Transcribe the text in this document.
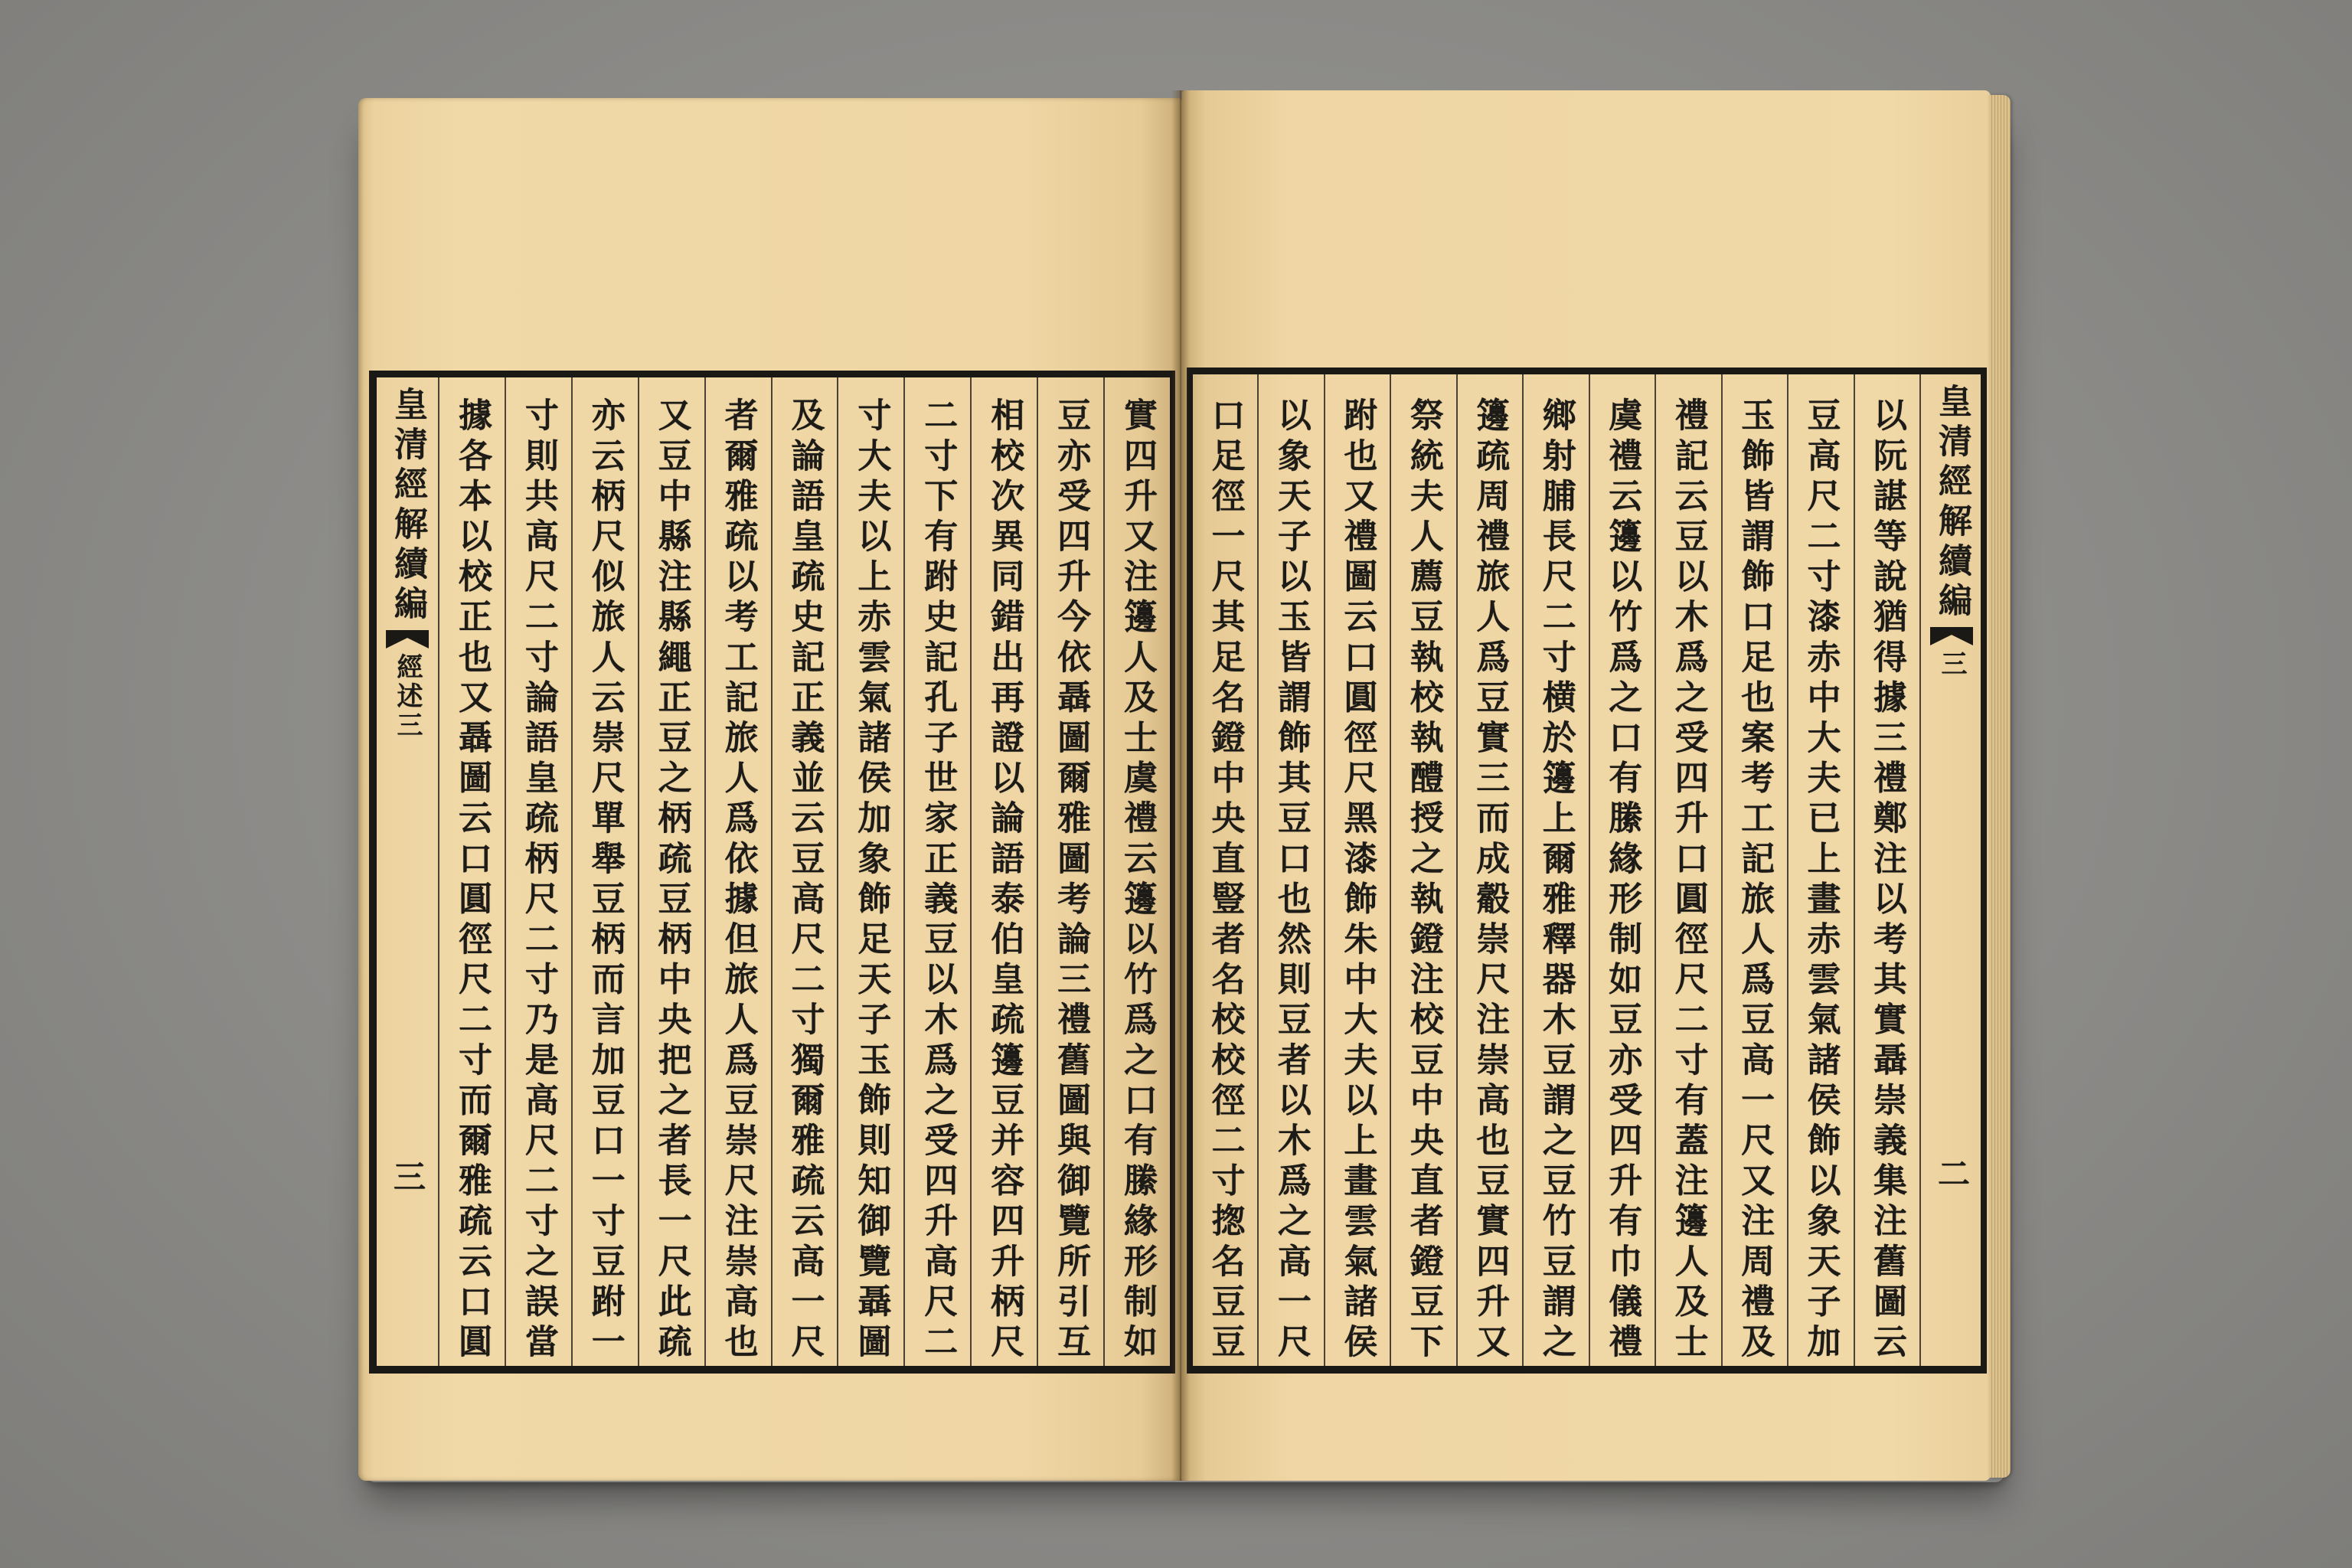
實四升又注籩人及士虞禮云籩以竹爲之口有縢緣形制如
豆亦受四升今依聶圖爾雅圖考論三禮舊圖與御覽所引互
相校次異同錯出再證以論語泰伯皇疏籩豆并容四升柄尺
二寸下有跗史記孔子世家正義豆以木爲之受四升高尺二
寸大夫以上赤雲氣諸侯加象飾足天子玉飾則知御覽聶圖
及論語皇疏史記正義並云豆高尺二寸獨爾雅疏云高一尺
者爾雅疏以考工記旅人爲依據但旅人爲豆崇尺注崇高也
又豆中縣注縣繩正豆之柄疏豆柄中央把之者長一尺此疏
亦云柄尺似旅人云崇尺單舉豆柄而言加豆口一寸豆跗一
寸則共高尺二寸論語皇疏柄尺二寸乃是高尺二寸之誤當
據各本以校正也又聶圖云口圓徑尺二寸而爾雅疏云口圓
皇清經解續編
經述三
三
皇清經解續編
三
二
以阮諶等說猶得據三禮鄭注以考其實聶崇義集注舊圖云
豆高尺二寸漆赤中大夫已上畫赤雲氣諸侯飾以象天子加
玉飾皆謂飾口足也案考工記旅人爲豆高一尺又注周禮及
禮記云豆以木爲之受四升口圓徑尺二寸有蓋注籩人及士
虞禮云籩以竹爲之口有縢緣形制如豆亦受四升有巾儀禮
鄉射脯長尺二寸横於籩上爾雅釋器木豆謂之豆竹豆謂之
籩疏周禮旅人爲豆實三而成觳崇尺注崇高也豆實四升又
祭統夫人薦豆執校執醴授之執鐙注校豆中央直者鐙豆下
跗也又禮圖云口圓徑尺黑漆飾朱中大夫以上畫雲氣諸侯
以象天子以玉皆謂飾其豆口也然則豆者以木爲之高一尺
口足徑一尺其足名鐙中央直豎者名校校徑二寸揔名豆豆
